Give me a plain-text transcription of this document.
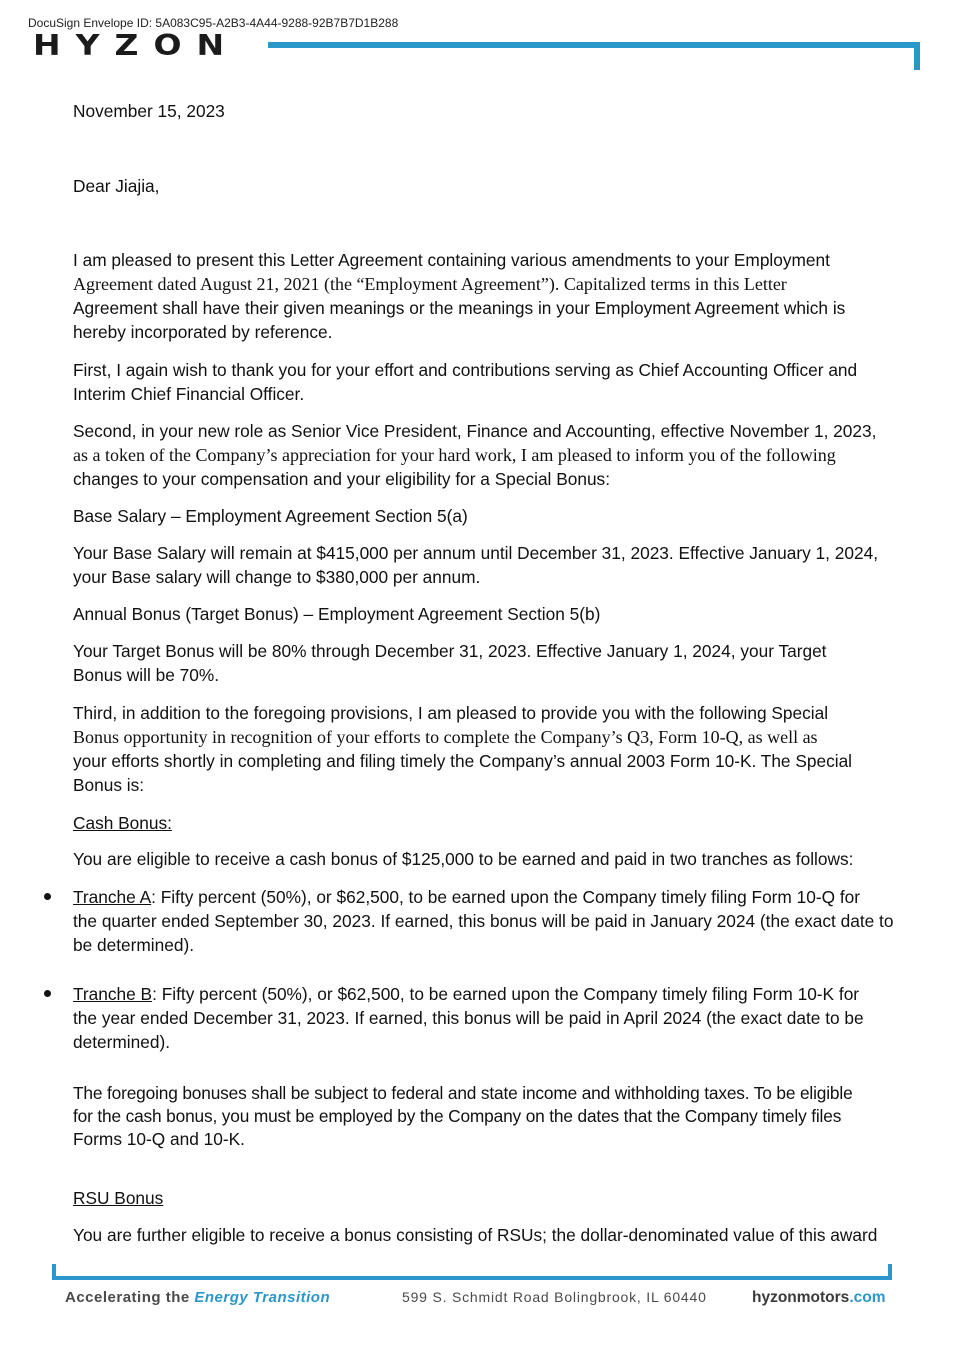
DocuSign Envelope ID: 5A083C95-A2B3-4A44-9288-92B7B7D1B288
HYZON

November 15, 2023

Dear Jiajia,

I am pleased to present this Letter Agreement containing various amendments to your Employment

Agreement dated August 21, 2021 (the “Employment Agreement”). Capitalized terms in this Letter

Agreement shall have their given meanings or the meanings in your Employment Agreement which is

hereby incorporated by reference.

First, I again wish to thank you for your effort and contributions serving as Chief Accounting Officer and

Interim Chief Financial Officer.

Second, in your new role as Senior Vice President, Finance and Accounting, effective November 1, 2023,

as a token of the Company’s appreciation for your hard work, I am pleased to inform you of the following

changes to your compensation and your eligibility for a Special Bonus:

Base Salary – Employment Agreement Section 5(a)

Your Base Salary will remain at $415,000 per annum until December 31, 2023. Effective January 1, 2024,

your Base salary will change to $380,000 per annum.

Annual Bonus (Target Bonus) – Employment Agreement Section 5(b)

Your Target Bonus will be 80% through December 31, 2023. Effective January 1, 2024, your Target

Bonus will be 70%.

Third, in addition to the foregoing provisions, I am pleased to provide you with the following Special

Bonus opportunity in recognition of your efforts to complete the Company’s Q3, Form 10-Q, as well as

your efforts shortly in completing and filing timely the Company’s annual 2003 Form 10-K. The Special

Bonus is:

Cash Bonus:

You are eligible to receive a cash bonus of $125,000 to be earned and paid in two tranches as follows:

Tranche A: Fifty percent (50%), or $62,500, to be earned upon the Company timely filing Form 10-Q for

the quarter ended September 30, 2023. If earned, this bonus will be paid in January 2024 (the exact date to

be determined).

Tranche B: Fifty percent (50%), or $62,500, to be earned upon the Company timely filing Form 10-K for

the year ended December 31, 2023. If earned, this bonus will be paid in April 2024 (the exact date to be

determined).

The foregoing bonuses shall be subject to federal and state income and withholding taxes. To be eligible

for the cash bonus, you must be employed by the Company on the dates that the Company timely files

Forms 10-Q and 10-K.

RSU Bonus

You are further eligible to receive a bonus consisting of RSUs; the dollar-denominated value of this award

Accelerating the Energy Transition	599 S. Schmidt Road Bolingbrook, IL 60440	hyzonmotors.com
